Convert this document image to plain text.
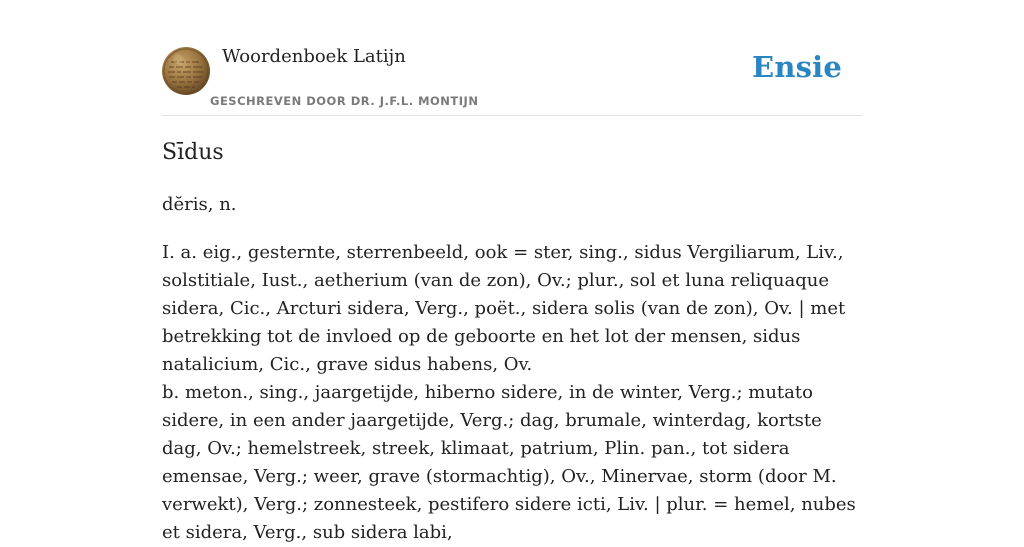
Woordenboek Latijn	Ensie
GESCHREVEN DOOR DR. J.F.L. MONTIJN
Sīdus

dĕris, n.

I. a. eig., gesternte, sterrenbeeld, ook = ster, sing., sidus Vergiliarum, Liv., solstitiale, Iust., aetherium (van de zon), Ov.; plur., sol et luna reliquaque sidera, Cic., Arcturi sidera, Verg., poët., sidera solis (van de zon), Ov. | met betrekking tot de invloed op de geboorte en het lot der mensen, sidus natalicium, Cic., grave sidus habens, Ov.

b. meton., sing., jaargetijde, hiberno sidere, in de winter, Verg.; mutato sidere, in een ander jaargetijde, Verg.; dag, brumale, winterdag, kortste dag, Ov.; hemelstreek, streek, klimaat, patrium, Plin. pan., tot sidera emensae, Verg.; weer, grave (stormachtig), Ov., Minervae, storm (door M. verwekt), Verg.; zonnesteek, pestifero sidere icti, Liv. | plur. = hemel, nubes et sidera, Verg., sub sidera labi,
